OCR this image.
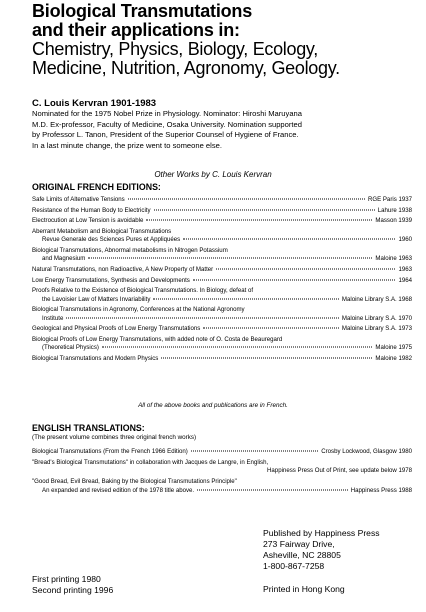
Biological Transmutations
and their applications in:
Chemistry, Physics, Biology, Ecology,
Medicine, Nutrition, Agronomy, Geology.
C. Louis Kervran 1901-1983
Nominated for the 1975 Nobel Prize in Physiology. Nominator: Hiroshi Maruyana
M.D. Ex-professor, Faculty of Medicine, Osaka University. Nomination supported
by Professor L. Tanon, President of the Superior Counsel of Hygiene of France.
In a last minute change, the prize went to someone else.
Other Works by C. Louis Kervran
ORIGINAL FRENCH EDITIONS:
Safe Limits of Alternative Tensions	RGE Paris 1937
Resistance of the Human Body to Electricity	Lahure 1938
Electrocution at Low Tension is avoidable	Masson 1939
Aberrant Metabolism and Biological Transmutations
Revue Generale des Sciences Pures et Appliquées	1960
Biological Transmutations, Abnormal metabolisms in Nitrogen Potassium
and Magnesium	Maloine 1963
Natural Transmutations, non Radioactive, A New Property of Matter	1963
Low Energy Transmutations, Synthesis and Developments	1964
Proofs Relative to the Existence of Biological Transmutations. In Biology, defeat of
the Lavoisier Law of Matters Invariability	Maloine Library S.A. 1968
Biological Transmutations in Agronomy, Conferences at the National Agronomy
Institute	Maloine Library S.A. 1970
Geological and Physical Proofs of Low Energy Transmutations	Maloine Library S.A. 1973
Biological Proofs of Low Energy Transmutations, with added note of O. Costa de Beauregard
(Theoretical Physics)	Maloine 1975
Biological Transmutations and Modern Physics	Maloine 1982
All of the above books and publications are in French.
ENGLISH TRANSLATIONS:
(The present volume combines three original french works)
Biological Transmutations (From the French 1966 Edition)	Crosby Lockwood, Glasgow 1980
"Bread's Biological Transmutations" in collaboration with Jacques de Langre, in English,
Happiness Press Out of Print, see update below 1978
"Good Bread, Evil Bread, Baking by the Biological Transmutations Principle"
An expanded and revised edition of the 1978 title above.	Happiness Press 1988
Published by Happiness Press
273 Fairway Drive,
Asheville, NC 28805
1-800-867-7258
Printed in Hong Kong
First printing 1980
Second printing 1996
